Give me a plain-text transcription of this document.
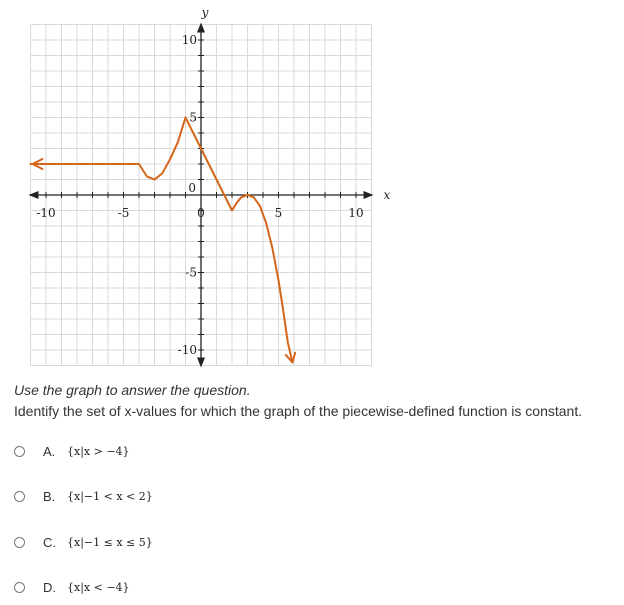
-10	-5	0	5	10
-10
-5
0
5
10
x
y

Use the graph to answer the question.

Identify the set of x-values for which the graph of the piecewise-defined function is constant.

A. {x|x > −4}
B. {x|−1 < x < 2}
C. {x|−1 ≤ x ≤ 5}
D. {x|x < −4}
